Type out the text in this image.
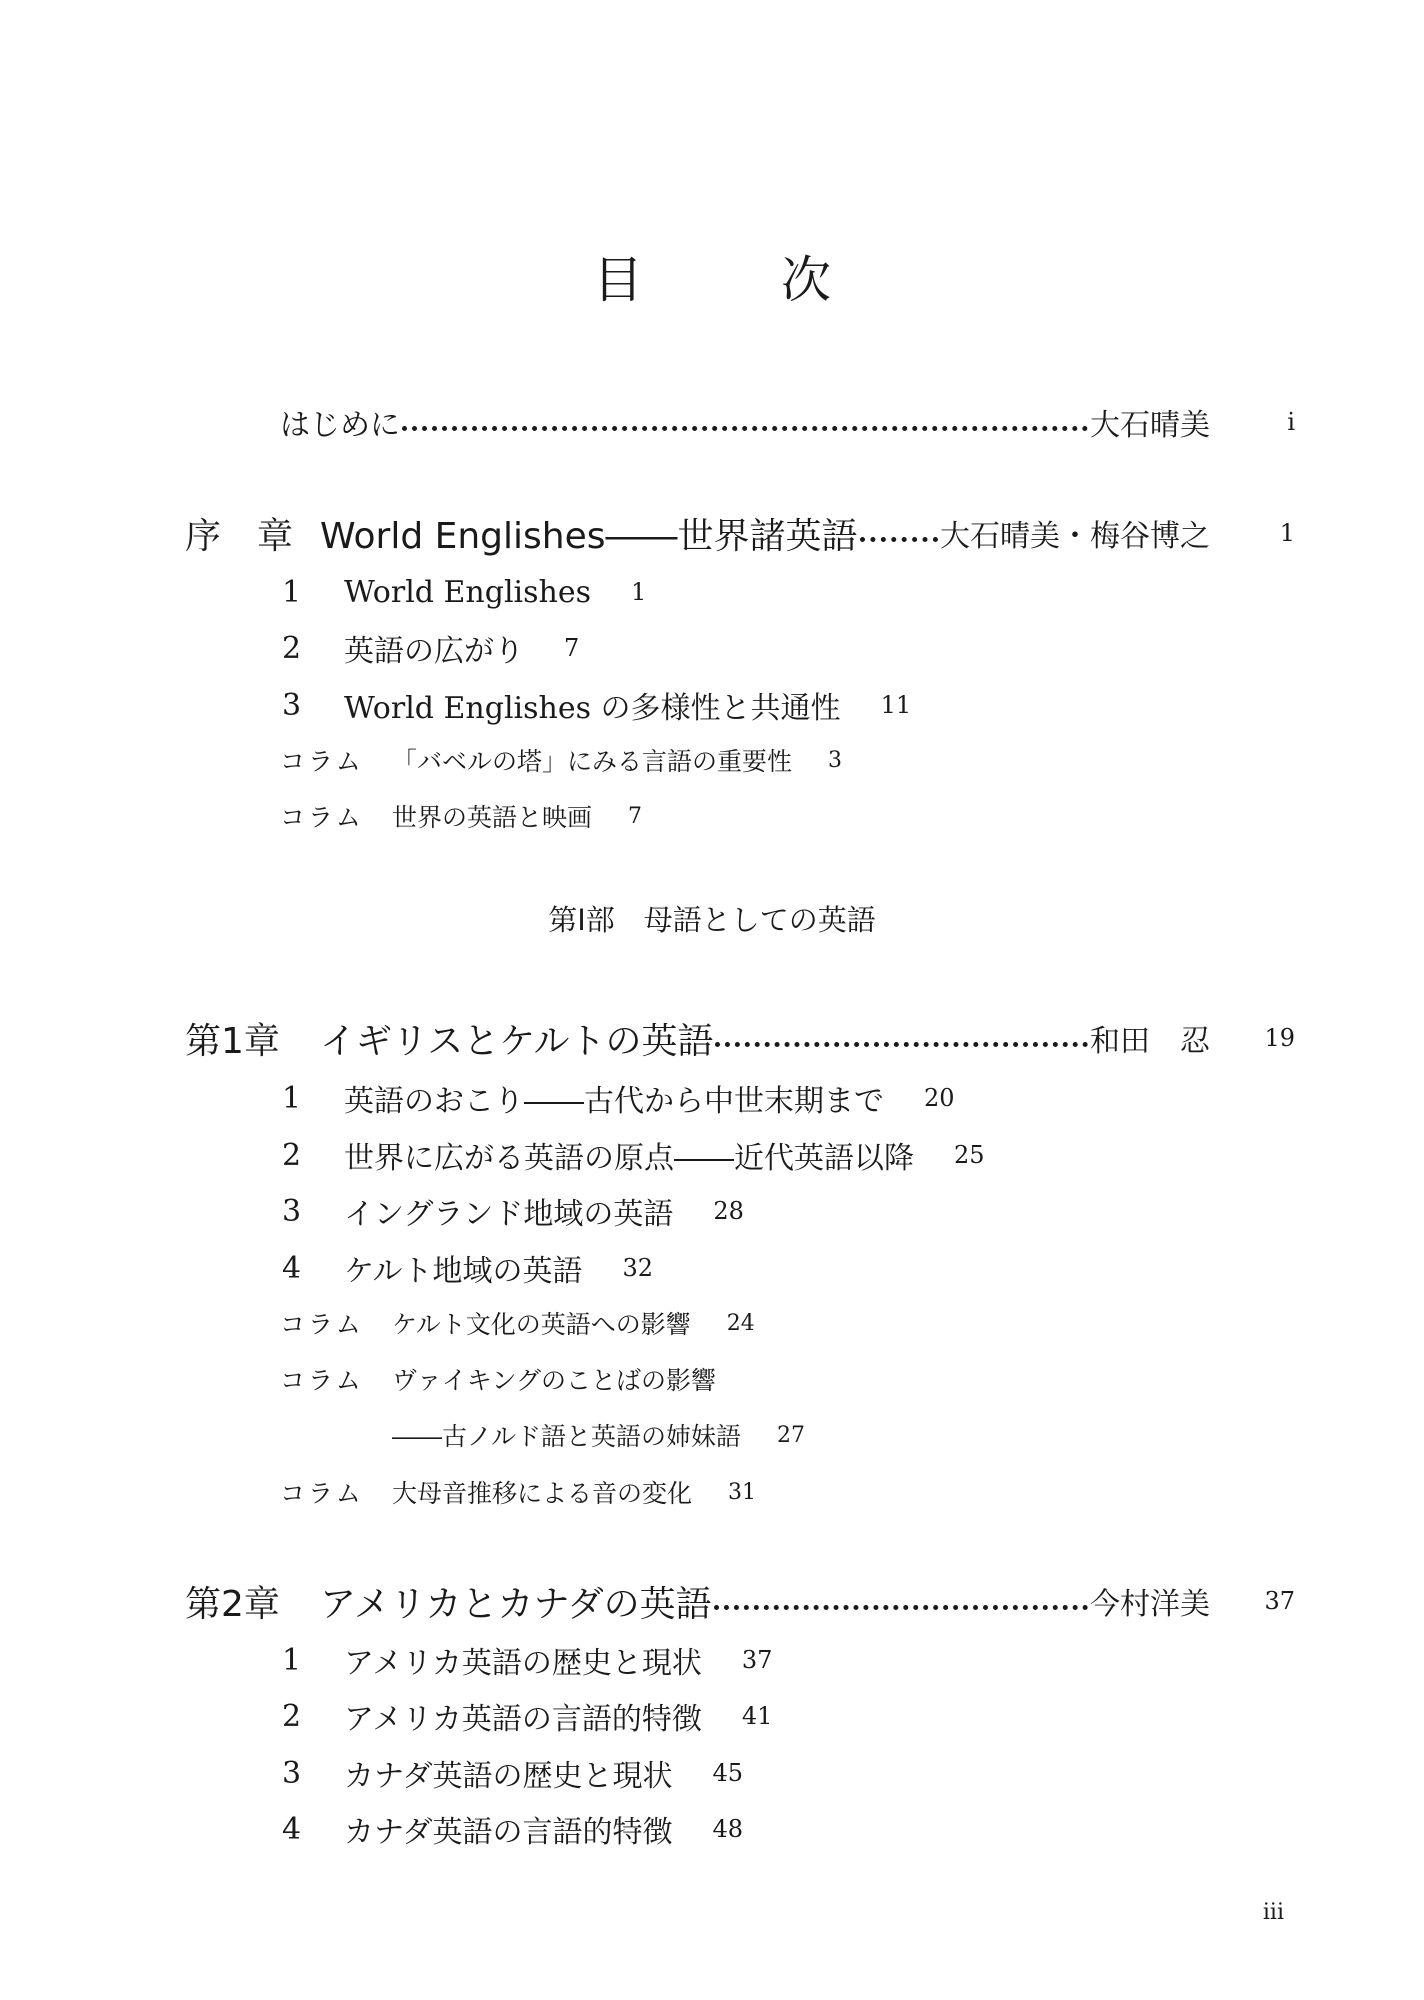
目　次
はじめに	大石晴美	i
序　章 World Englishes――世界諸英語	大石晴美・梅谷博之	1
1	World Englishes 1
2	英語の広がり 7
3	World Englishes の多様性と共通性 11
コラム	「バベルの塔」にみる言語の重要性 3
コラム	世界の英語と映画 7
第Ⅰ部　母語としての英語
第1章	イギリスとケルトの英語	和田　忍	19
1	英語のおこり――古代から中世末期まで 20
2	世界に広がる英語の原点――近代英語以降 25
3	イングランド地域の英語 28
4	ケルト地域の英語 32
コラム	ケルト文化の英語への影響 24
コラム	ヴァイキングのことばの影響
――古ノルド語と英語の姉妹語 27
コラム	大母音推移による音の変化 31
第2章	アメリカとカナダの英語	今村洋美	37
1	アメリカ英語の歴史と現状 37
2	アメリカ英語の言語的特徴 41
3	カナダ英語の歴史と現状 45
4	カナダ英語の言語的特徴 48
iii
